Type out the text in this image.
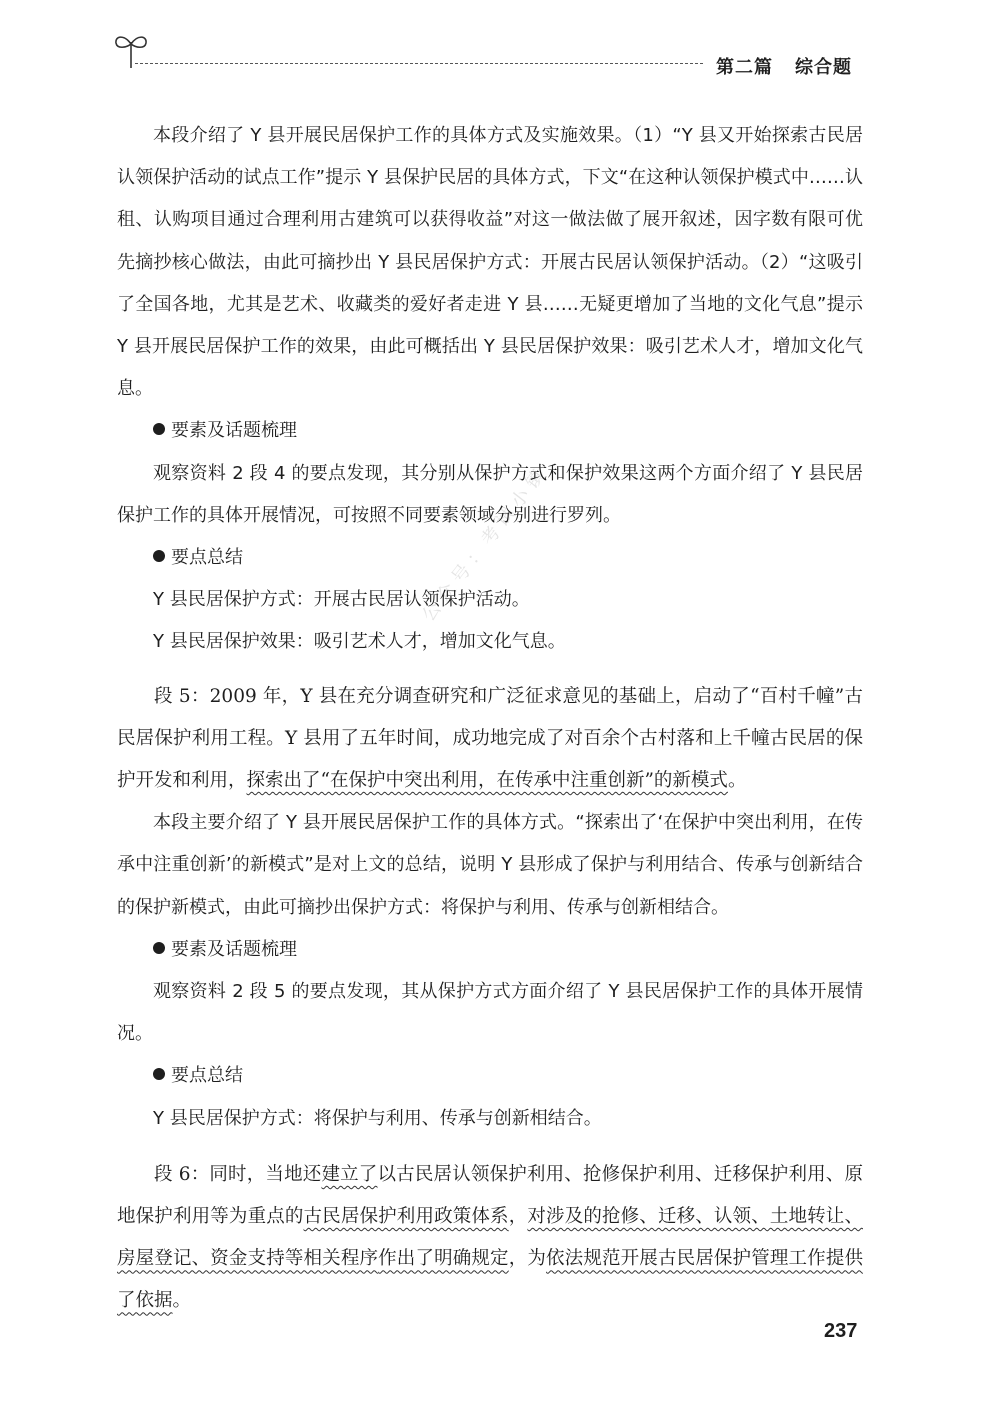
第二篇 综合题
公众号：考试小镇

本段介绍了 Y 县开展民居保护工作的具体方式及实施效果。（1）“Y 县又开始探索古民居认领保护活动的试点工作”提示 Y 县保护民居的具体方式，下文“在这种认领保护模式中……认租、认购项目通过合理利用古建筑可以获得收益”对这一做法做了展开叙述，因字数有限可优先摘抄核心做法，由此可摘抄出 Y 县民居保护方式：开展古民居认领保护活动。（2）“这吸引了全国各地，尤其是艺术、收藏类的爱好者走进 Y 县……无疑更增加了当地的文化气息”提示 Y 县开展民居保护工作的效果，由此可概括出 Y 县民居保护效果：吸引艺术人才，增加文化气息。

要素及话题梳理

观察资料 2 段 4 的要点发现，其分别从保护方式和保护效果这两个方面介绍了 Y 县民居保护工作的具体开展情况，可按照不同要素领域分别进行罗列。

要点总结

Y 县民居保护方式：开展古民居认领保护活动。

Y 县民居保护效果：吸引艺术人才，增加文化气息。

段 5：2009 年，Y 县在充分调查研究和广泛征求意见的基础上，启动了“百村千幢”古民居保护利用工程。Y 县用了五年时间，成功地完成了对百余个古村落和上千幢古民居的保护开发和利用，探索出了“在保护中突出利用，在传承中注重创新”的新模式。

本段主要介绍了 Y 县开展民居保护工作的具体方式。“探索出了‘在保护中突出利用，在传承中注重创新’的新模式”是对上文的总结，说明 Y 县形成了保护与利用结合、传承与创新结合的保护新模式，由此可摘抄出保护方式：将保护与利用、传承与创新相结合。

要素及话题梳理

观察资料 2 段 5 的要点发现，其从保护方式方面介绍了 Y 县民居保护工作的具体开展情况。

要点总结

Y 县民居保护方式：将保护与利用、传承与创新相结合。

段 6：同时，当地还建立了以古民居认领保护利用、抢修保护利用、迁移保护利用、原地保护利用等为重点的古民居保护利用政策体系，对涉及的抢修、迁移、认领、土地转让、房屋登记、资金支持等相关程序作出了明确规定，为依法规范开展古民居保护管理工作提供了依据。

237
